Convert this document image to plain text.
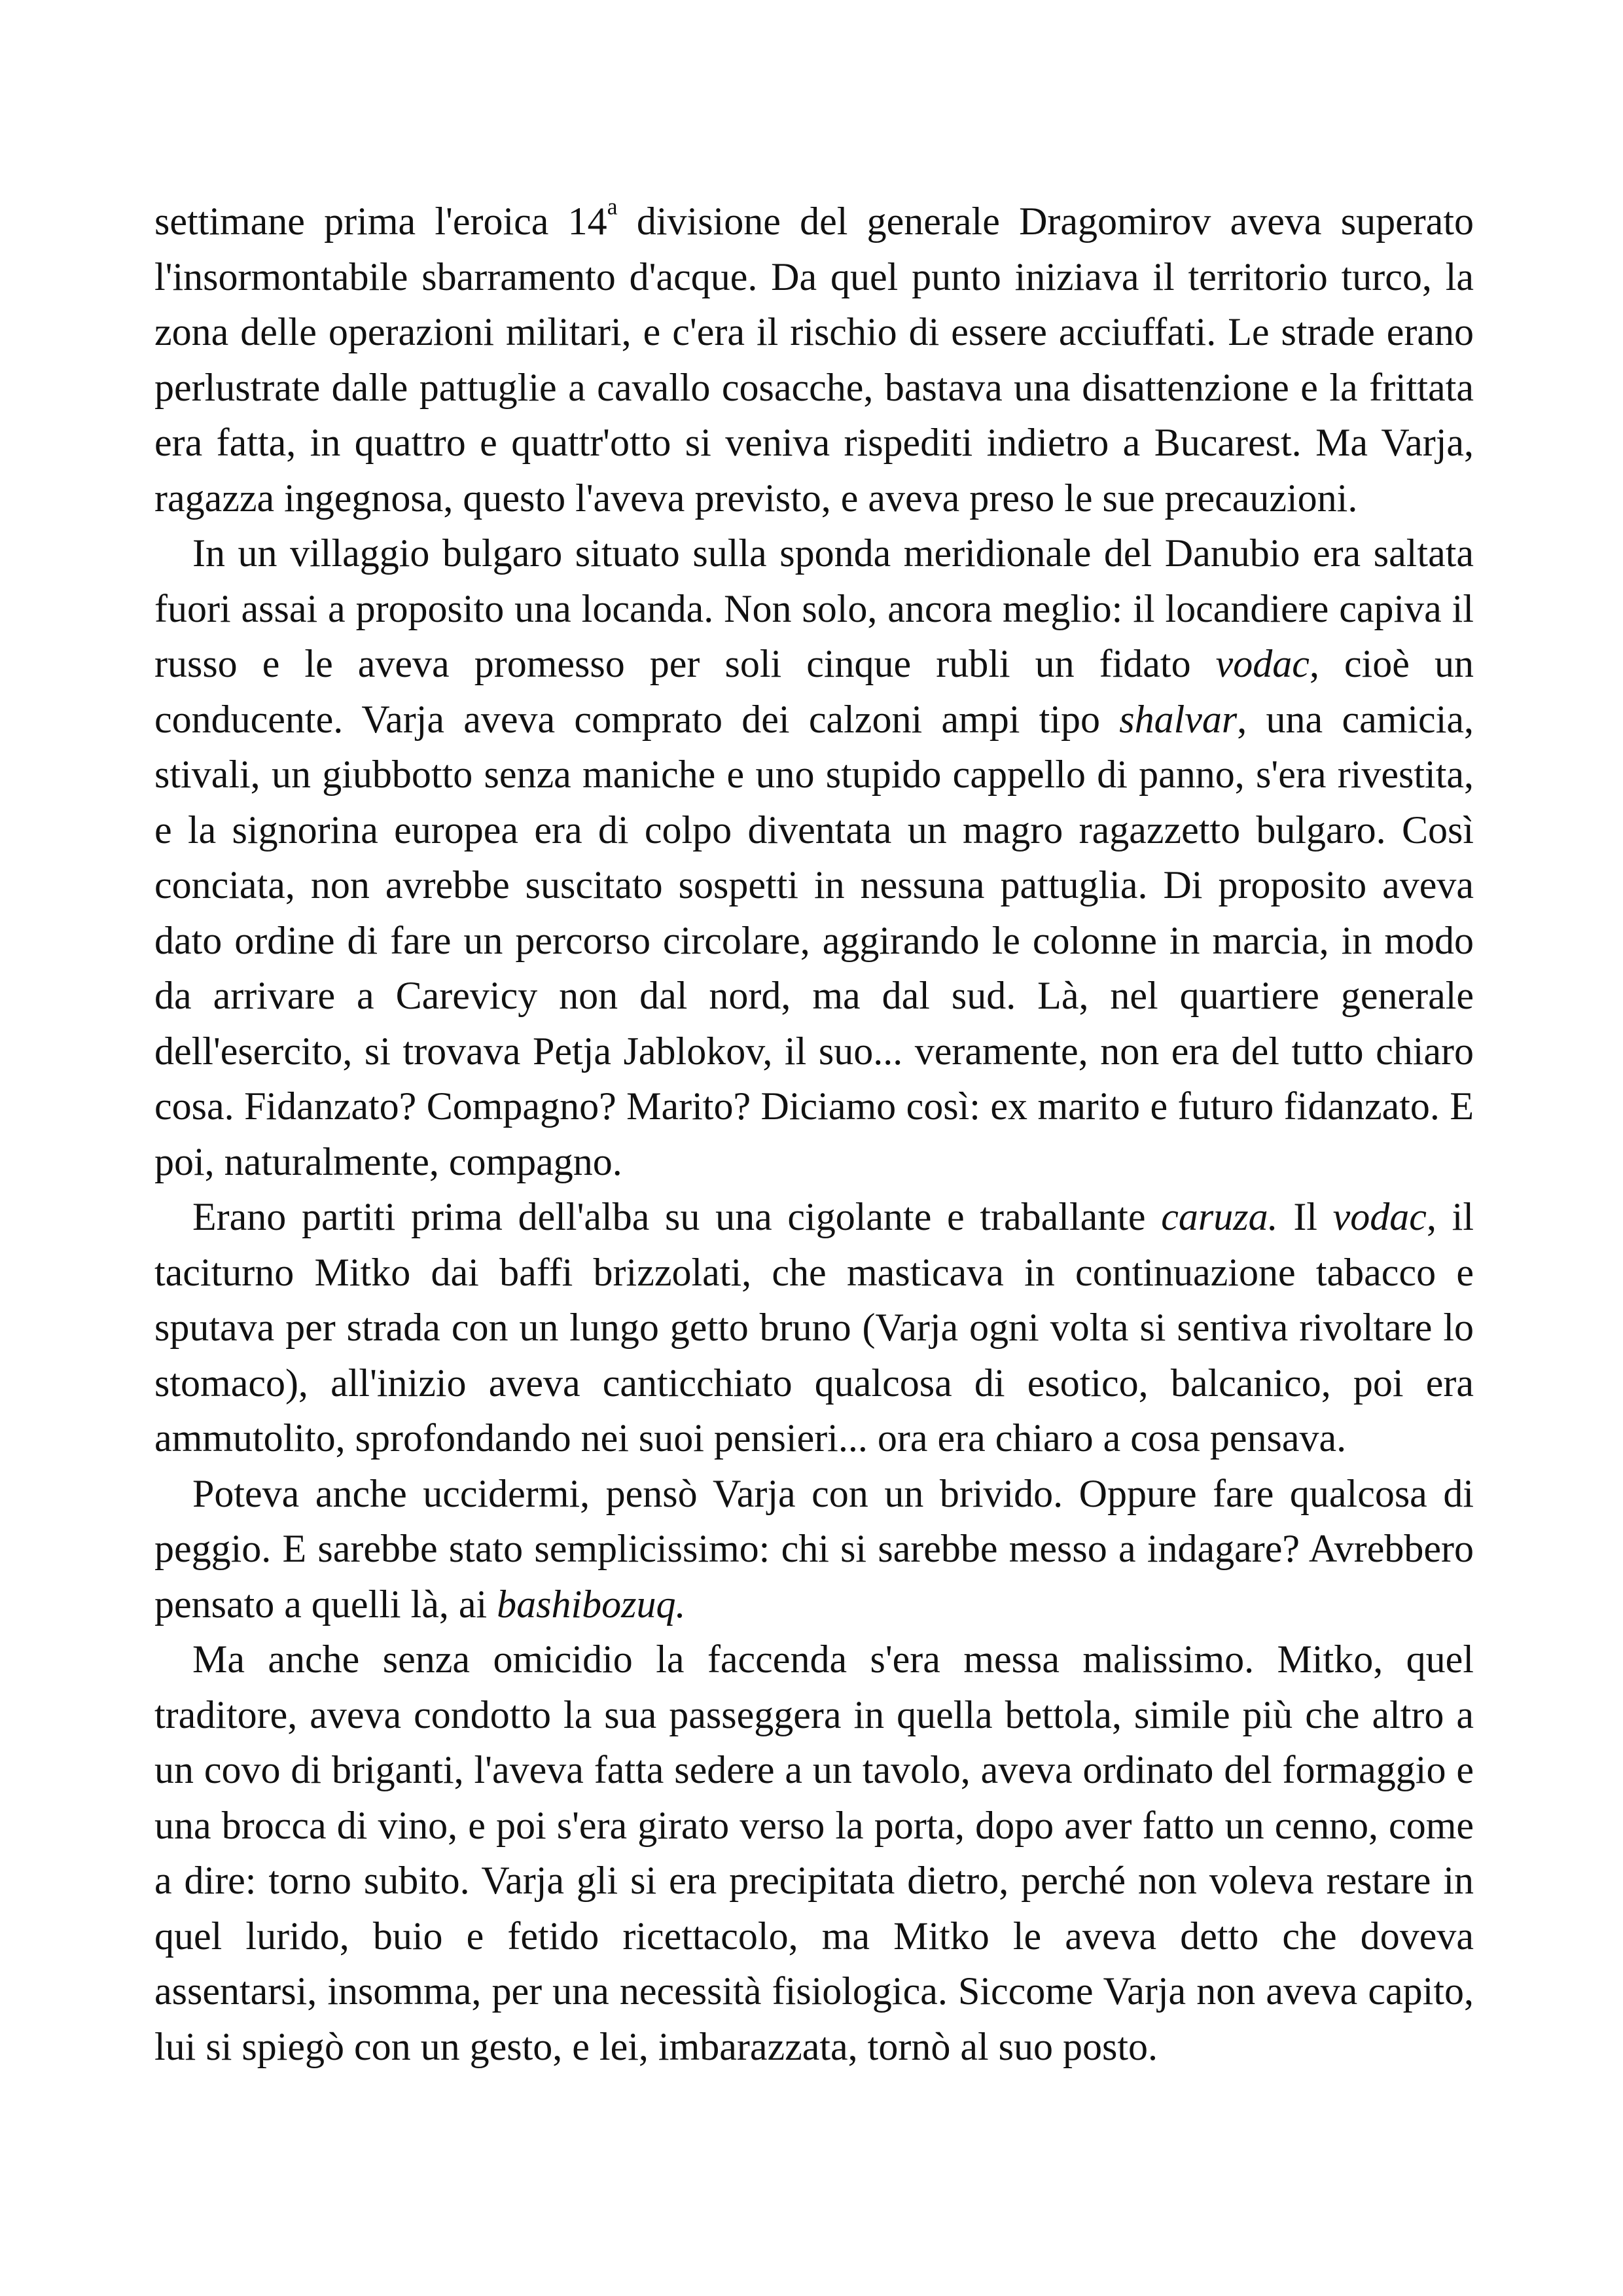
settimane prima l'eroica 14$^a$ divisione del generale Dragomirov aveva superato l'insormontabile sbarramento d'acque. Da quel punto iniziava il territorio turco, la zona delle operazioni militari, e c'era il rischio di essere acciuffati. Le strade erano perlustrate dalle pattuglie a cavallo cosacche, bastava una disattenzione e la frittata era fatta, in quattro e quattr'otto si veniva rispediti indietro a Bucarest. Ma Varja, ragazza ingegnosa, questo l'aveva previsto, e aveva preso le sue precauzioni.

In un villaggio bulgaro situato sulla sponda meridionale del Danubio era saltata fuori assai a proposito una locanda. Non solo, ancora meglio: il locandiere capiva il russo e le aveva promesso per soli cinque rubli un fidato vodac, cioè un conducente. Varja aveva comprato dei calzoni ampi tipo shalvar, una camicia, stivali, un giubbotto senza maniche e uno stupido cappello di panno, s'era rivestita, e la signorina europea era di colpo diventata un magro ragazzetto bulgaro. Così conciata, non avrebbe suscitato sospetti in nessuna pattuglia. Di proposito aveva dato ordine di fare un percorso circolare, aggirando le colonne in marcia, in modo da arrivare a Carevicy non dal nord, ma dal sud. Là, nel quartiere generale dell'esercito, si trovava Petja Jablokov, il suo... veramente, non era del tutto chiaro cosa. Fidanzato? Compagno? Marito? Diciamo così: ex marito e futuro fidanzato. E poi, naturalmente, compagno.

Erano partiti prima dell'alba su una cigolante e traballante caruza. Il vodac, il taciturno Mitko dai baffi brizzolati, che masticava in continuazione tabacco e sputava per strada con un lungo getto bruno (Varja ogni volta si sentiva rivoltare lo stomaco), all'inizio aveva canticchiato qualcosa di esotico, balcanico, poi era ammutolito, sprofondando nei suoi pensieri... ora era chiaro a cosa pensava.

Poteva anche uccidermi, pensò Varja con un brivido. Oppure fare qualcosa di peggio. E sarebbe stato semplicissimo: chi si sarebbe messo a indagare? Avrebbero pensato a quelli là, ai bashibozuq.

Ma anche senza omicidio la faccenda s'era messa malissimo. Mitko, quel traditore, aveva condotto la sua passeggera in quella bettola, simile più che altro a un covo di briganti, l'aveva fatta sedere a un tavolo, aveva ordinato del formaggio e una brocca di vino, e poi s'era girato verso la porta, dopo aver fatto un cenno, come a dire: torno subito. Varja gli si era precipitata dietro, perché non voleva restare in quel lurido, buio e fetido ricettacolo, ma Mitko le aveva detto che doveva assentarsi, insomma, per una necessità fisiologica. Siccome Varja non aveva capito, lui si spiegò con un gesto, e lei, imbarazzata, tornò al suo posto.
